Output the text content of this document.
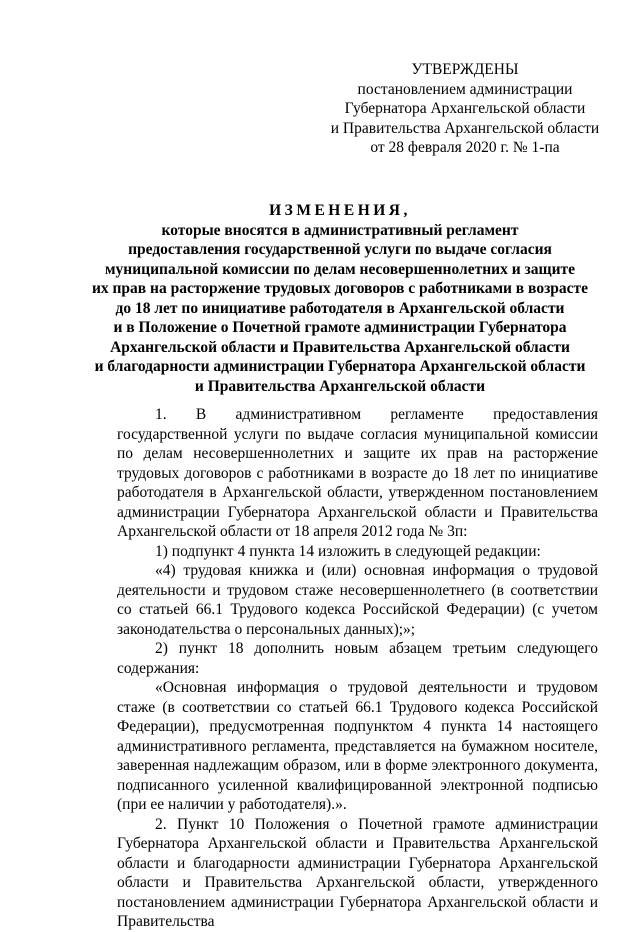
УТВЕРЖДЕНЫ
постановлением администрации
Губернатора Архангельской области
и Правительства Архангельской области
от 28 февраля 2020 г. № 1-па
ИЗМЕНЕНИЯ,
которые вносятся в административный регламент
предоставления государственной услуги по выдаче согласия
муниципальной комиссии по делам несовершеннолетних и защите
их прав на расторжение трудовых договоров с работниками в возрасте
до 18 лет по инициативе работодателя в Архангельской области
и в Положение о Почетной грамоте администрации Губернатора
Архангельской области и Правительства Архангельской области
и благодарности администрации Губернатора Архангельской области
и Правительства Архангельской области

1. В административном регламенте предоставления государственной услуги по выдаче согласия муниципальной комиссии по делам несовершеннолетних и защите их прав на расторжение трудовых договоров с работниками в возрасте до 18 лет по инициативе работодателя в Архангельской области, утвержденном постановлением администрации Губернатора Архангельской области и Правительства Архангельской области от 18 апреля 2012 года № 3п:

1) подпункт 4 пункта 14 изложить в следующей редакции:

«4) трудовая книжка и (или) основная информация о трудовой деятельности и трудовом стаже несовершеннолетнего (в соответствии со статьей 66.1 Трудового кодекса Российской Федерации) (с учетом законодательства о персональных данных);»;

2) пункт 18 дополнить новым абзацем третьим следующего содержания:

«Основная информация о трудовой деятельности и трудовом стаже (в соответствии со статьей 66.1 Трудового кодекса Российской Федерации), предусмотренная подпунктом 4 пункта 14 настоящего административного регламента, представляется на бумажном носителе, заверенная надлежащим образом, или в форме электронного документа, подписанного усиленной квалифицированной электронной подписью (при ее наличии у работодателя).».

2. Пункт 10 Положения о Почетной грамоте администрации Губернатора Архангельской области и Правительства Архангельской области и благодарности администрации Губернатора Архангельской области и Правительства Архангельской области, утвержденного постановлением администрации Губернатора Архангельской области и Правительства
